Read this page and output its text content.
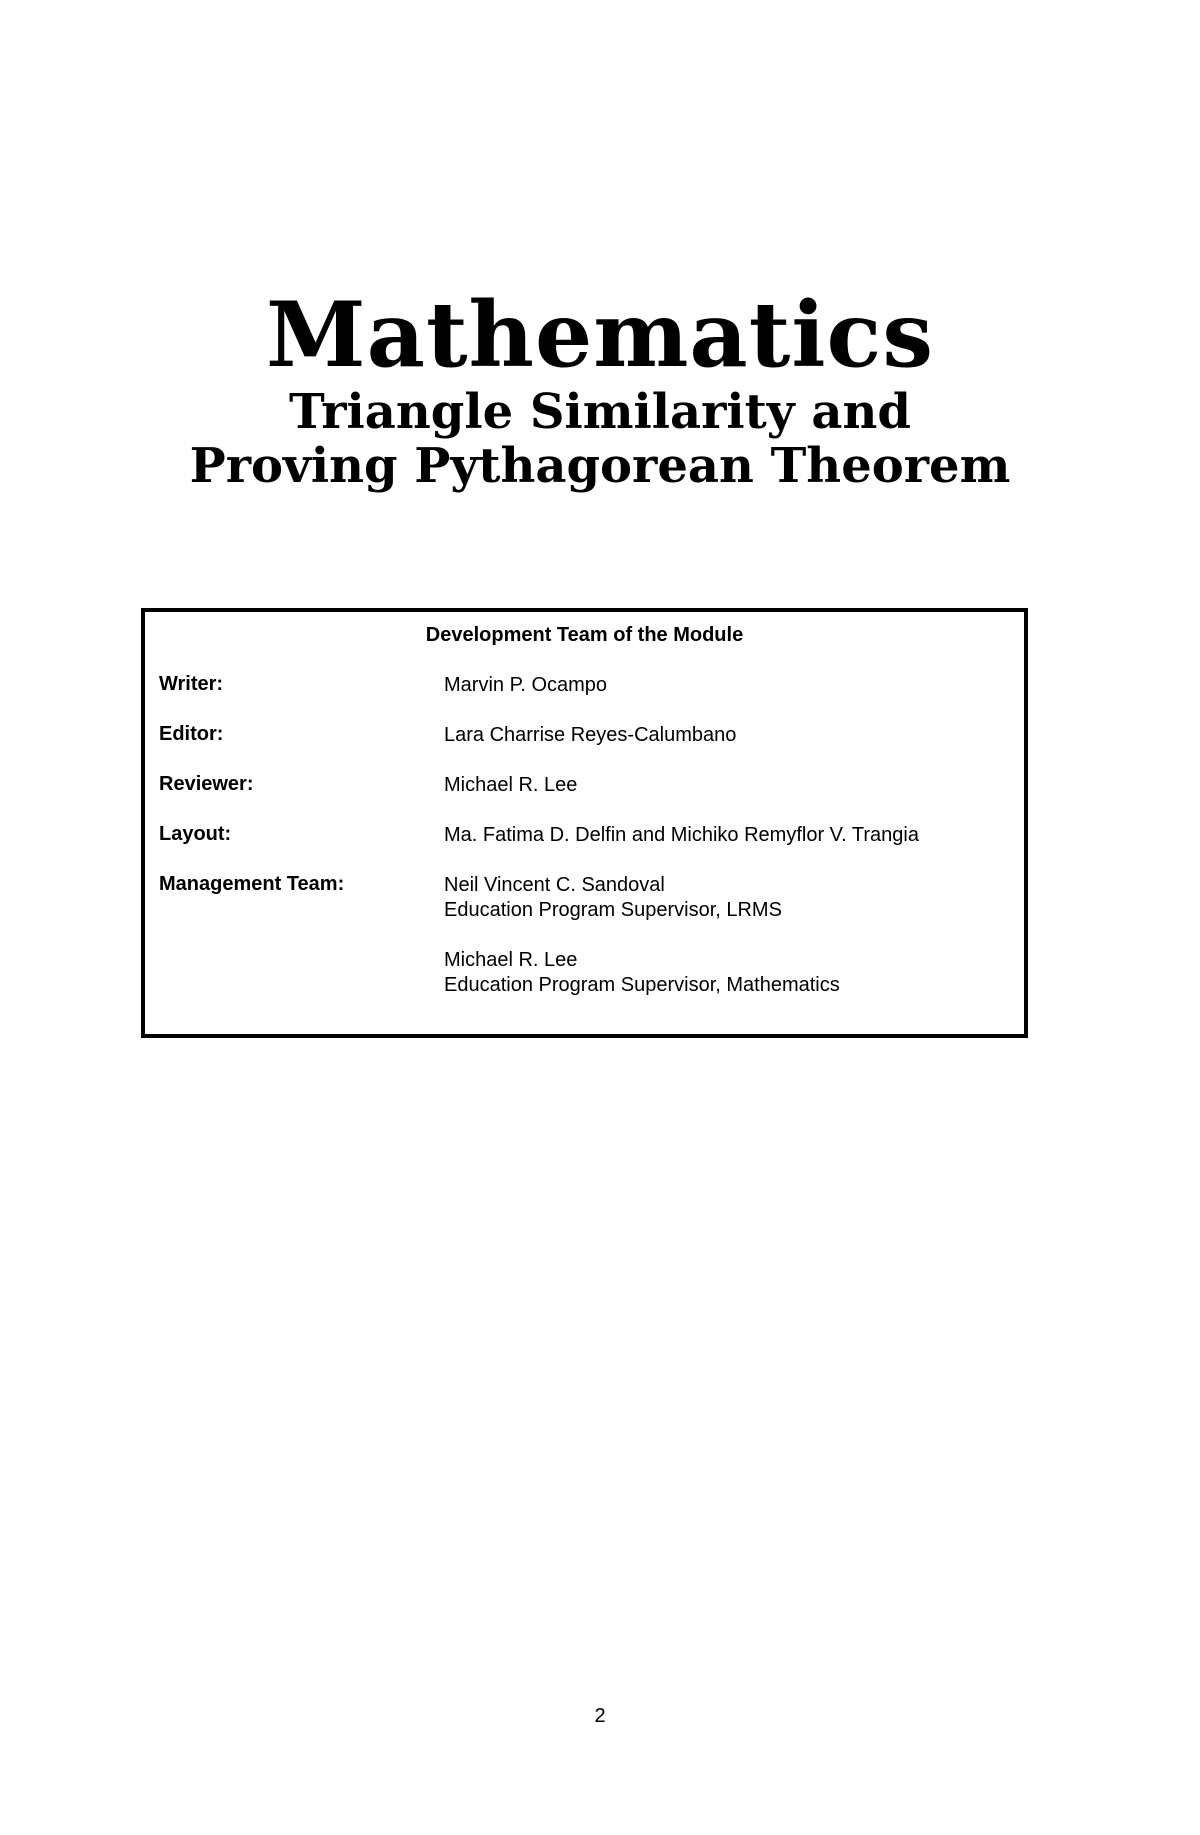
Mathematics

Triangle Similarity and

Proving Pythagorean Theorem

Development Team of the Module
Writer:	Marvin P. Ocampo
Editor:	Lara Charrise Reyes-Calumbano
Reviewer:	Michael R. Lee
Layout:	Ma. Fatima D. Delfin and Michiko Remyflor V. Trangia
Management Team:	Neil Vincent C. Sandoval
Education Program Supervisor, LRMS
Michael R. Lee
Education Program Supervisor, Mathematics
2
